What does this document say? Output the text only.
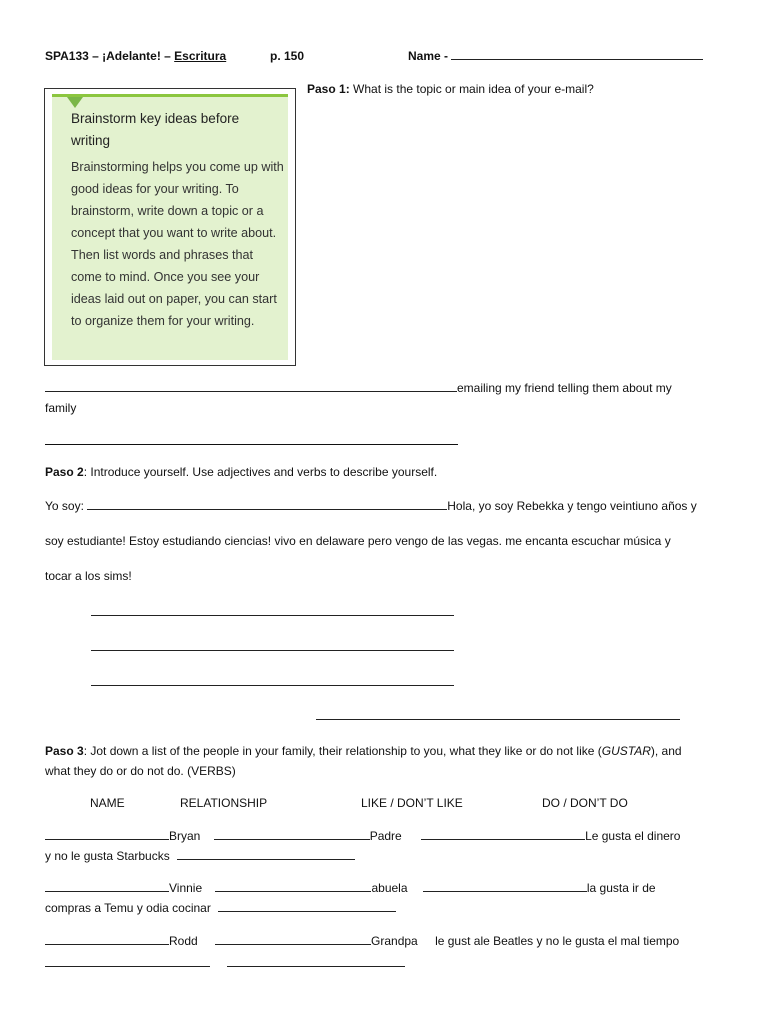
SPA133 – ¡Adelante! – Escritura	p. 150	Name -
Brainstorm key ideas before writing
Brainstorming helps you come up with good ideas for your writing. To brainstorm, write down a topic or a concept that you want to write about. Then list words and phrases that come to mind. Once you see your ideas laid out on paper, you can start to organize them for your writing.
Paso 1: What is the topic or main idea of your e-mail?
emailing my friend telling them about my
family
Paso 2: Introduce yourself. Use adjectives and verbs to describe yourself.
Yo soy:	Hola, yo soy Rebekka y tengo veintiuno años y
soy estudiante! Estoy estudiando ciencias! vivo en delaware pero vengo de las vegas. me encanta escuchar música y
tocar a los sims!
Paso 3: Jot down a list of the people in your family, their relationship to you, what they like or do not like (GUSTAR), and
what they do or do not do. (VERBS)
NAME	RELATIONSHIP	LIKE / DON’T LIKE	DO / DON’T DO
Bryan	Padre	Le gusta el dinero
y no le gusta Starbucks
Vinnie	abuela	la gusta ir de
compras a Temu y odia cocinar
Rodd	Grandpa le gust ale Beatles y no le gusta el mal tiempo
